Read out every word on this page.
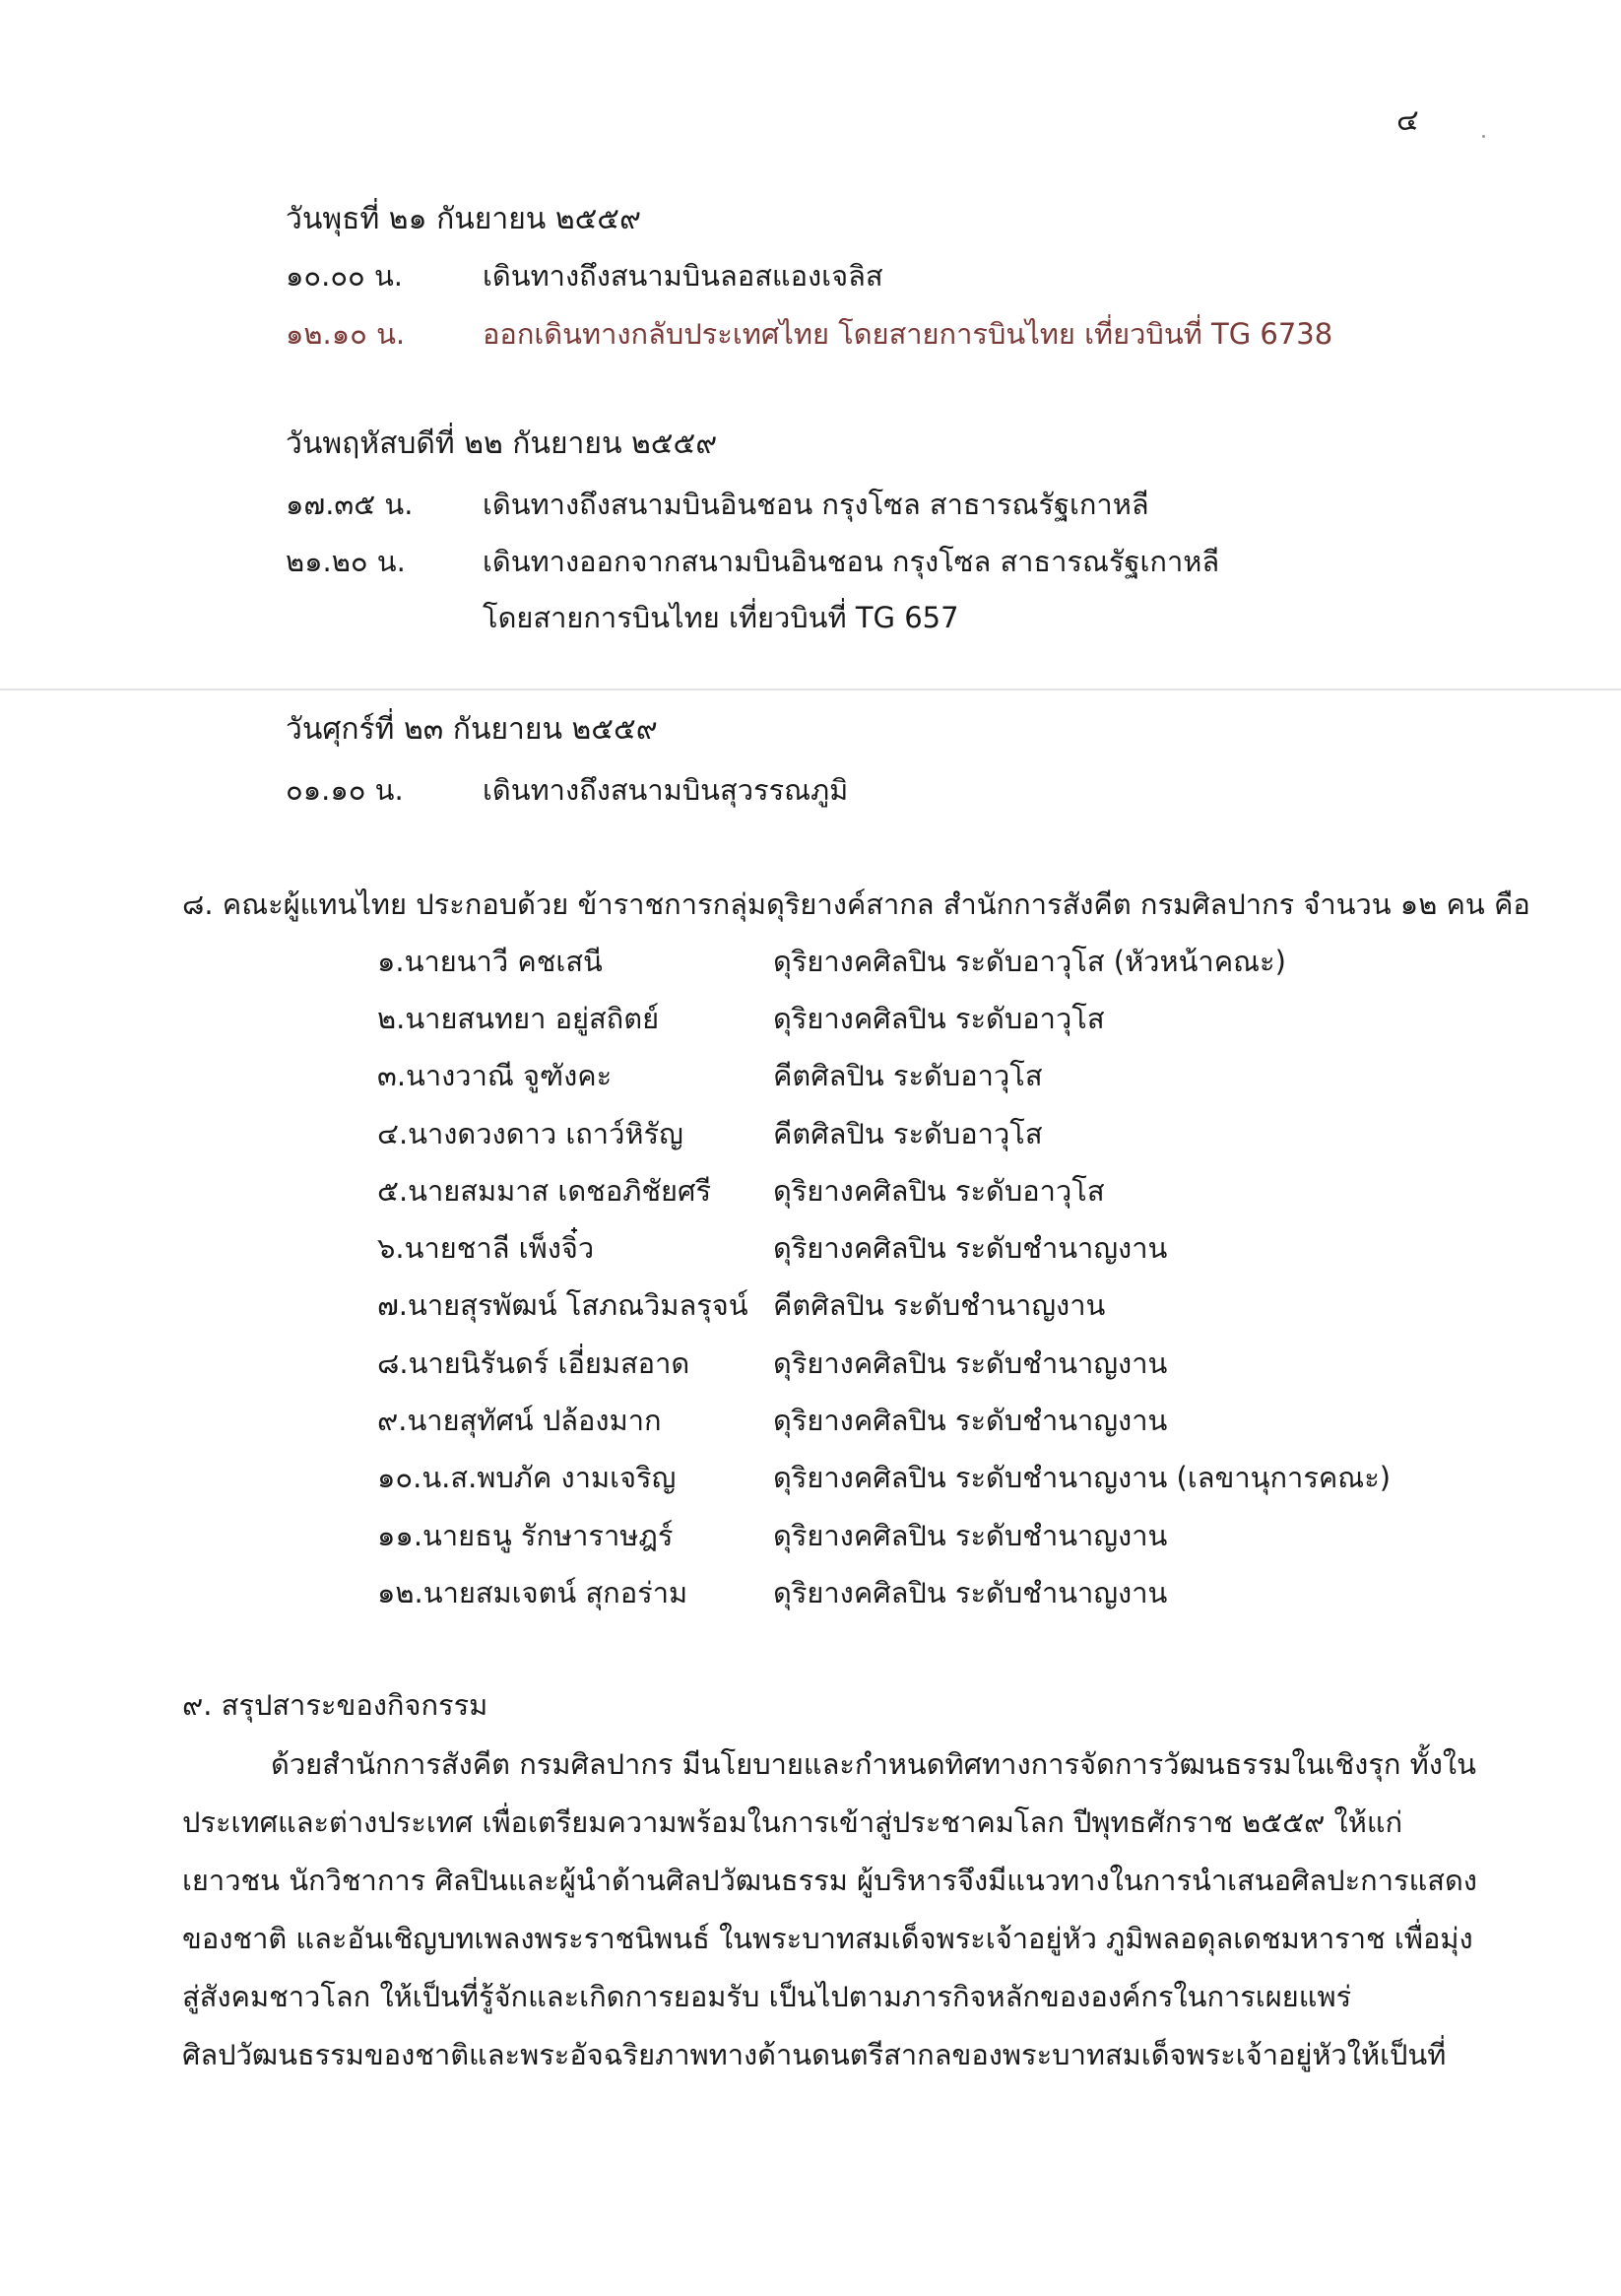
๔
วันพุธที่ ๒๑ กันยายน ๒๕๕๙
๑๐.๐๐ น.	เดินทางถึงสนามบินลอสแองเจลิส
๑๒.๑๐ น.	ออกเดินทางกลับประเทศไทย โดยสายการบินไทย เที่ยวบินที่ TG 6738
วันพฤหัสบดีที่ ๒๒ กันยายน ๒๕๕๙
๑๗.๓๕ น. เดินทางถึงสนามบินอินชอน กรุงโซล สาธารณรัฐเกาหลี
๒๑.๒๐ น.	เดินทางออกจากสนามบินอินชอน กรุงโซล สาธารณรัฐเกาหลี
โดยสายการบินไทย เที่ยวบินที่ TG 657
วันศุกร์ที่ ๒๓ กันยายน ๒๕๕๙
๐๑.๑๐ น.	เดินทางถึงสนามบินสุวรรณภูมิ
๘. คณะผู้แทนไทย ประกอบด้วย ข้าราชการกลุ่มดุริยางค์สากล สำนักการสังคีต กรมศิลปากร จำนวน ๑๒ คน คือ
๑.นายนาวี คชเสนี	ดุริยางคศิลปิน ระดับอาวุโส (หัวหน้าคณะ)
๒.นายสนทยา อยู่สถิตย์	ดุริยางคศิลปิน ระดับอาวุโส
๓.นางวาณี จูฑังคะ	คีตศิลปิน ระดับอาวุโส
๔.นางดวงดาว เถาว์หิรัญ	คีตศิลปิน ระดับอาวุโส
๕.นายสมมาส เดชอภิชัยศรี ดุริยางคศิลปิน ระดับอาวุโส
๖.นายชาลี เพ็งจิ๋ว	ดุริยางคศิลปิน ระดับชำนาญงาน
๗.นายสุรพัฒน์ โสภณวิมลรุจน์ คีตศิลปิน ระดับชำนาญงาน
๘.นายนิรันดร์ เอี่ยมสอาด	ดุริยางคศิลปิน ระดับชำนาญงาน
๙.นายสุทัศน์ ปล้องมาก	ดุริยางคศิลปิน ระดับชำนาญงาน
๑๐.น.ส.พบภัค งามเจริญ	ดุริยางคศิลปิน ระดับชำนาญงาน (เลขานุการคณะ)
๑๑.นายธนู รักษาราษฎร์	ดุริยางคศิลปิน ระดับชำนาญงาน
๑๒.นายสมเจตน์ สุกอร่าม	ดุริยางคศิลปิน ระดับชำนาญงาน
๙. สรุปสาระของกิจกรรม
ด้วยสำนักการสังคีต กรมศิลปากร มีนโยบายและกำหนดทิศทางการจัดการวัฒนธรรมในเชิงรุก ทั้งใน
ประเทศและต่างประเทศ เพื่อเตรียมความพร้อมในการเข้าสู่ประชาคมโลก ปีพุทธศักราช ๒๕๕๙ ให้แก่
เยาวชน นักวิชาการ ศิลปินและผู้นำด้านศิลปวัฒนธรรม ผู้บริหารจึงมีแนวทางในการนำเสนอศิลปะการแสดง
ของชาติ และอันเชิญบทเพลงพระราชนิพนธ์ ในพระบาทสมเด็จพระเจ้าอยู่หัว ภูมิพลอดุลเดชมหาราช เพื่อมุ่ง
สู่สังคมชาวโลก ให้เป็นที่รู้จักและเกิดการยอมรับ เป็นไปตามภารกิจหลักขององค์กรในการเผยแพร่
ศิลปวัฒนธรรมของชาติและพระอัจฉริยภาพทางด้านดนตรีสากลของพระบาทสมเด็จพระเจ้าอยู่หัวให้เป็นที่
